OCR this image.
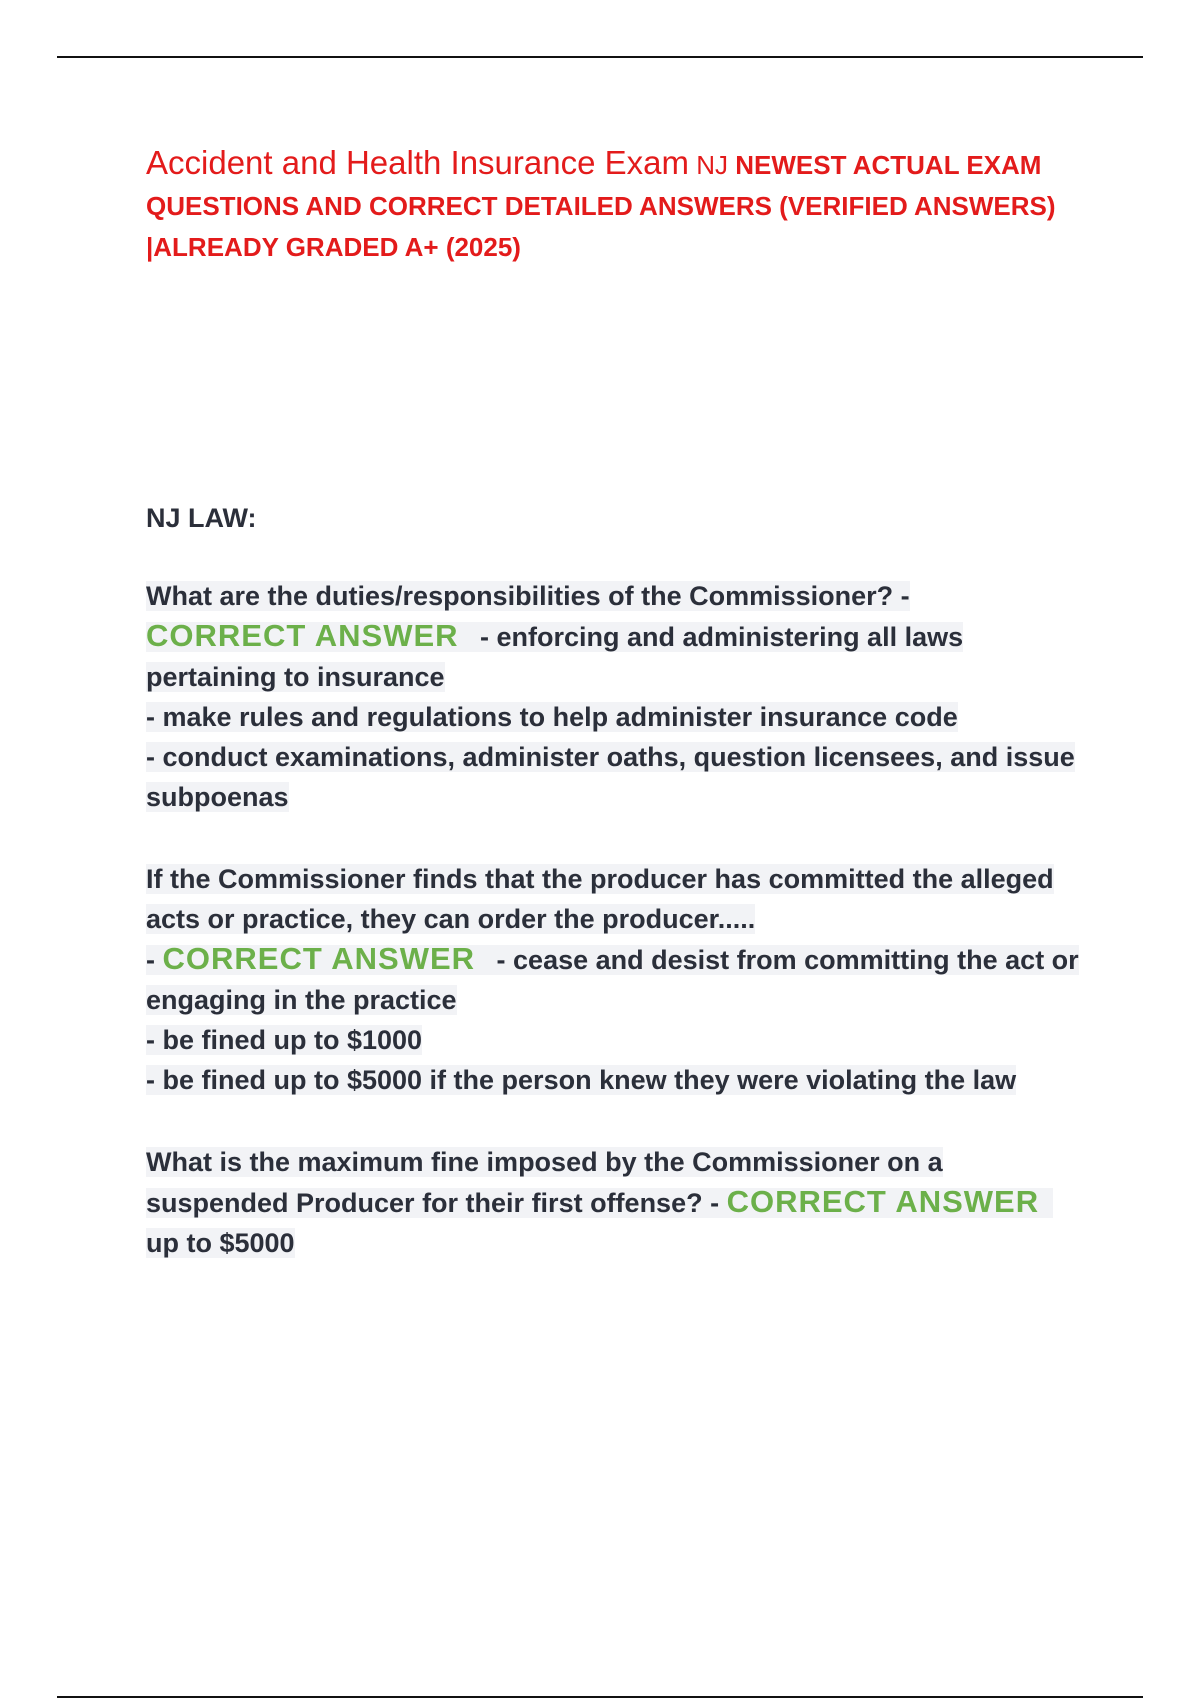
Accident and Health Insurance Exam NJ NEWEST ACTUAL EXAM QUESTIONS AND CORRECT DETAILED ANSWERS (VERIFIED ANSWERS) |ALREADY GRADED A+ (2025)
NJ LAW:
What are the duties/responsibilities of the Commissioner? -
CORRECT ANSWER - enforcing and administering all laws pertaining to insurance
- make rules and regulations to help administer insurance code
- conduct examinations, administer oaths, question licensees, and issue subpoenas
If the Commissioner finds that the producer has committed the alleged acts or practice, they can order the producer.....
- CORRECT ANSWER - cease and desist from committing the act or engaging in the practice
- be fined up to $1000
- be fined up to $5000 if the person knew they were violating the law
What is the maximum fine imposed by the Commissioner on a suspended Producer for their first offense? - CORRECT ANSWER up to $5000
